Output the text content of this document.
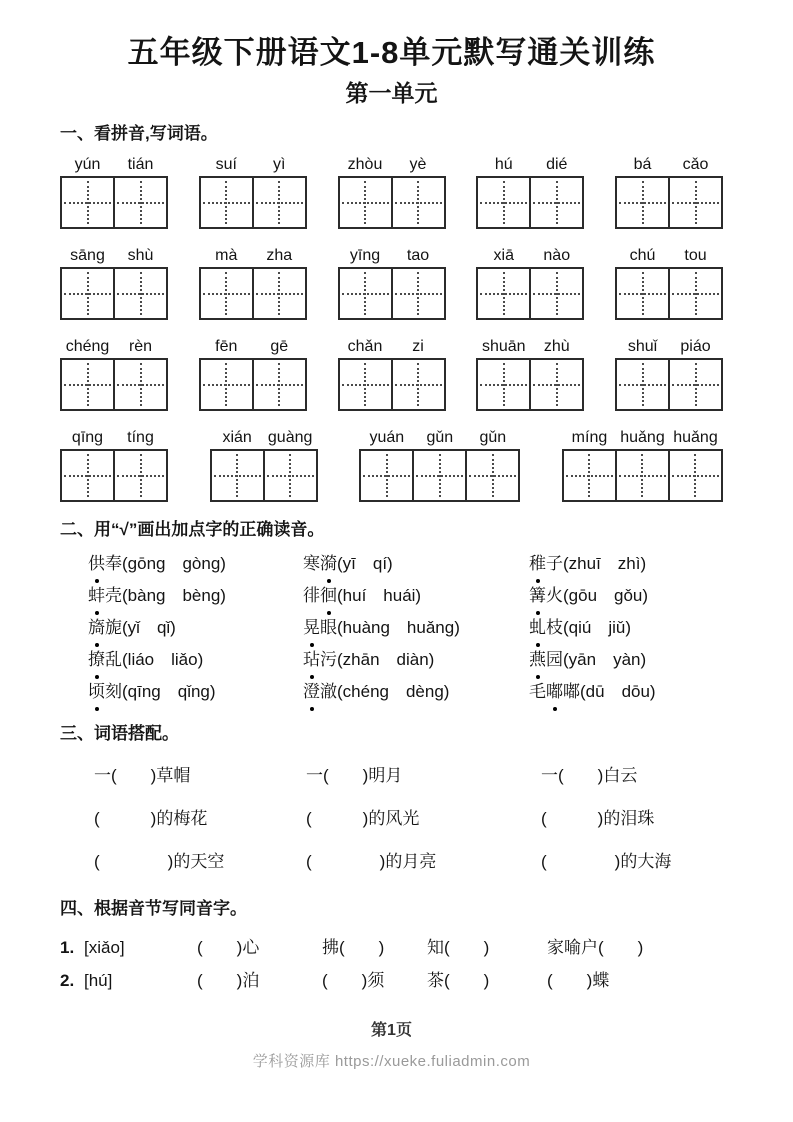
五年级下册语文1-8单元默写通关训练
第一单元
一、看拼音,写词语。
yún	tián	suí	yì	zhòu	yè	hú	dié	bá	cǎo
sāng	shù	mà	zha	yīng	tao	xiā	nào	chú	tou
chéng	rèn	fēn	gē	chǎn	zi	shuān	zhù	shuǐ	piáo
qīng	tíng	xián	guàng	yuán	gǔn	gǔn	míng huǎng huǎng
二、用“√”画出加点字的正确读音。
供奉(gōng　gòng)	寒漪(yī　qí)	稚子(zhuī　zhì)
蚌壳(bàng　bèng)	徘徊(huí　huái)	篝火(gōu　gǒu)
旖旎(yǐ　qǐ)	晃眼(huàng　huǎng)	虬枝(qiú　jiǔ)
撩乱(liáo　liǎo)	玷污(zhān　diàn)	燕园(yān　yàn)
顷刻(qīng　qǐng)	澄澈(chéng　dèng)	毛嘟嘟(dū　dōu)
三、词语搭配。
一(　　)草帽	一(　　)明月	一(　　)白云
(　　　)的梅花	(　　　)的风光	(　　　)的泪珠
(　　　　)的天空	(　　　　)的月亮	(　　　　)的大海
四、根据音节写同音字。
1. [xiǎo]	(　　)心	拂(　　)	知(　　)	家喻户(　　)
2. [hú]	(　　)泊	(　　)须	茶(　　)	(　　)蝶
第1页
学科资源库 https://xueke.fuliadmin.com
